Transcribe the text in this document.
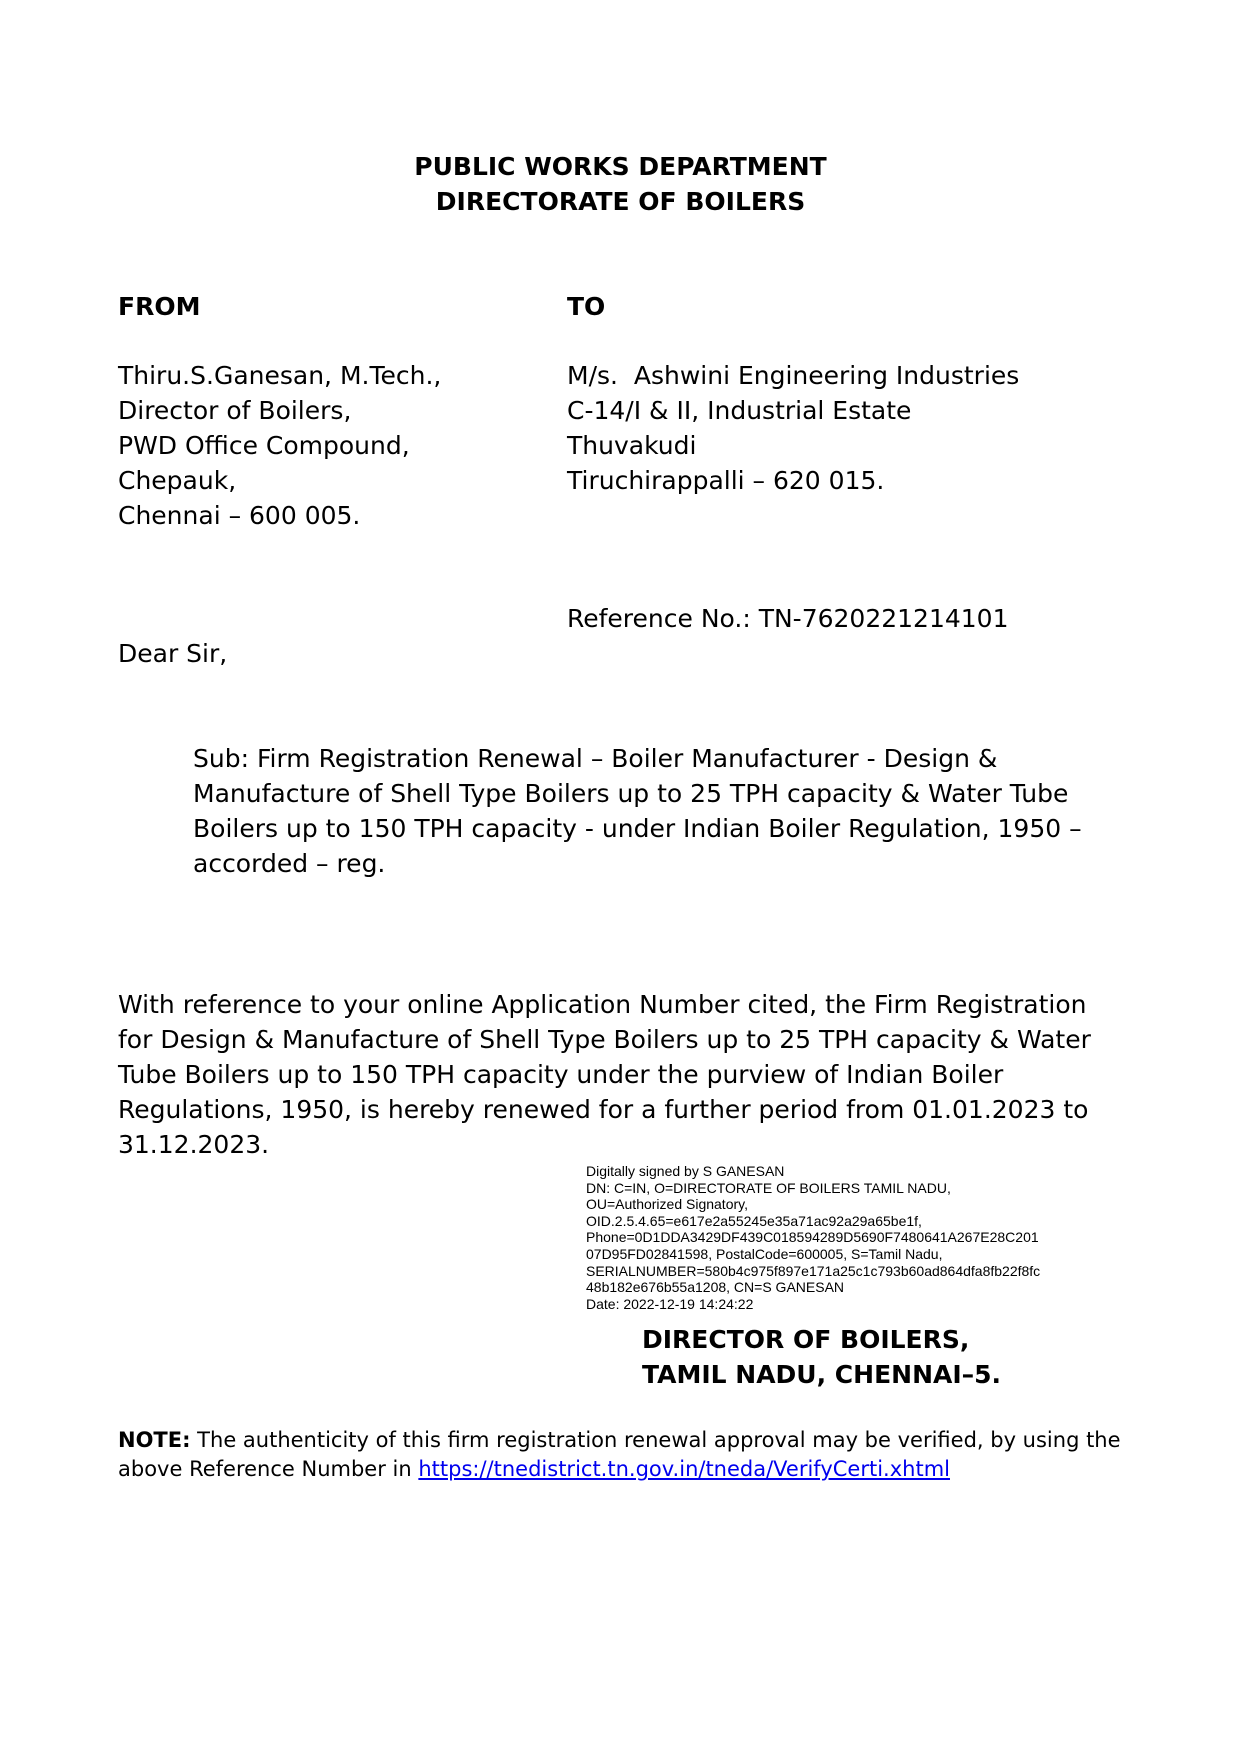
PUBLIC WORKS DEPARTMENT
DIRECTORATE OF BOILERS
FROM
Thiru.S.Ganesan, M.Tech.,
Director of Boilers,
PWD Office Compound,
Chepauk,
Chennai – 600 005.
TO
M/s.  Ashwini Engineering Industries
C-14/I & II, Industrial Estate
Thuvakudi
Tiruchirappalli – 620 015.
Reference No.: TN-7620221214101
Dear Sir,
Sub: Firm Registration Renewal – Boiler Manufacturer - Design &
Manufacture of Shell Type Boilers up to 25 TPH capacity & Water Tube
Boilers up to 150 TPH capacity - under Indian Boiler Regulation, 1950 –
accorded – reg.
With reference to your online Application Number cited, the Firm Registration
for Design & Manufacture of Shell Type Boilers up to 25 TPH capacity & Water
Tube Boilers up to 150 TPH capacity under the purview of Indian Boiler
Regulations, 1950, is hereby renewed for a further period from 01.01.2023 to
31.12.2023.
Digitally signed by S GANESAN
DN: C=IN, O=DIRECTORATE OF BOILERS TAMIL NADU,
OU=Authorized Signatory,
OID.2.5.4.65=e617e2a55245e35a71ac92a29a65be1f,
Phone=0D1DDA3429DF439C018594289D5690F7480641A267E28C201
07D95FD02841598, PostalCode=600005, S=Tamil Nadu,
SERIALNUMBER=580b4c975f897e171a25c1c793b60ad864dfa8fb22f8fc
48b182e676b55a1208, CN=S GANESAN
Date: 2022-12-19 14:24:22
DIRECTOR OF BOILERS,
TAMIL NADU, CHENNAI–5.
NOTE: The authenticity of this firm registration renewal approval may be verified, by using the
above Reference Number in https://tnedistrict.tn.gov.in/tneda/VerifyCerti.xhtml
